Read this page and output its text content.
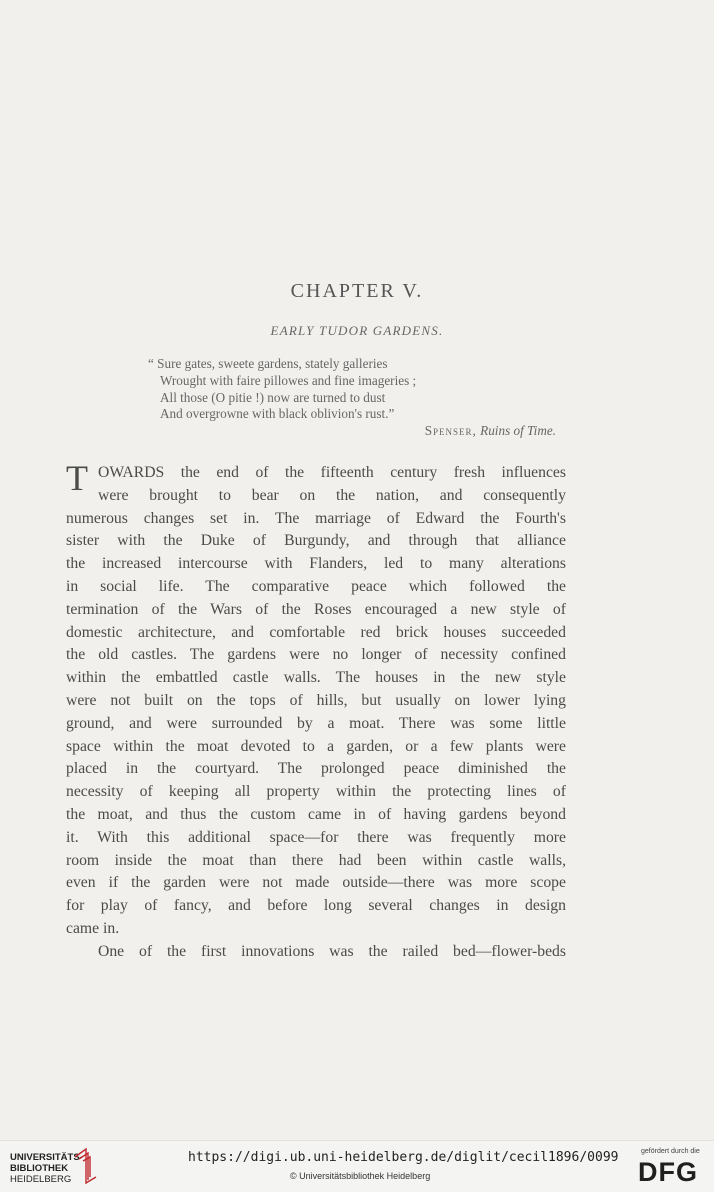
CHAPTER V.
EARLY TUDOR GARDENS.
“ Sure gates, sweete gardens, stately galleries
Wrought with faire pillowes and fine imageries ;
All those (O pitie !) now are turned to dust
And overgrowne with black oblivion's rust.”
Spenser, Ruins of Time.
T OWARDS the end of the fifteenth century fresh influences
were brought to bear on the nation, and consequently
numerous changes set in. The marriage of Edward the Fourth's
sister with the Duke of Burgundy, and through that alliance
the increased intercourse with Flanders, led to many alterations
in social life. The comparative peace which followed the
termination of the Wars of the Roses encouraged a new style of
domestic architecture, and comfortable red brick houses succeeded
the old castles. The gardens were no longer of necessity confined
within the embattled castle walls. The houses in the new style
were not built on the tops of hills, but usually on lower lying
ground, and were surrounded by a moat. There was some little
space within the moat devoted to a garden, or a few plants were
placed in the courtyard. The prolonged peace diminished the
necessity of keeping all property within the protecting lines of
the moat, and thus the custom came in of having gardens beyond
it. With this additional space—for there was frequently more
room inside the moat than there had been within castle walls,
even if the garden were not made outside—there was more scope
for play of fancy, and before long several changes in design
came in.
One of the first innovations was the railed bed—flower-beds
UNIVERSITÄTS-
BIBLIOTHEK
HEIDELBERG
https://digi.ub.uni-heidelberg.de/diglit/cecil1896/0099
© Universitätsbibliothek Heidelberg
gefördert durch die
DFG
